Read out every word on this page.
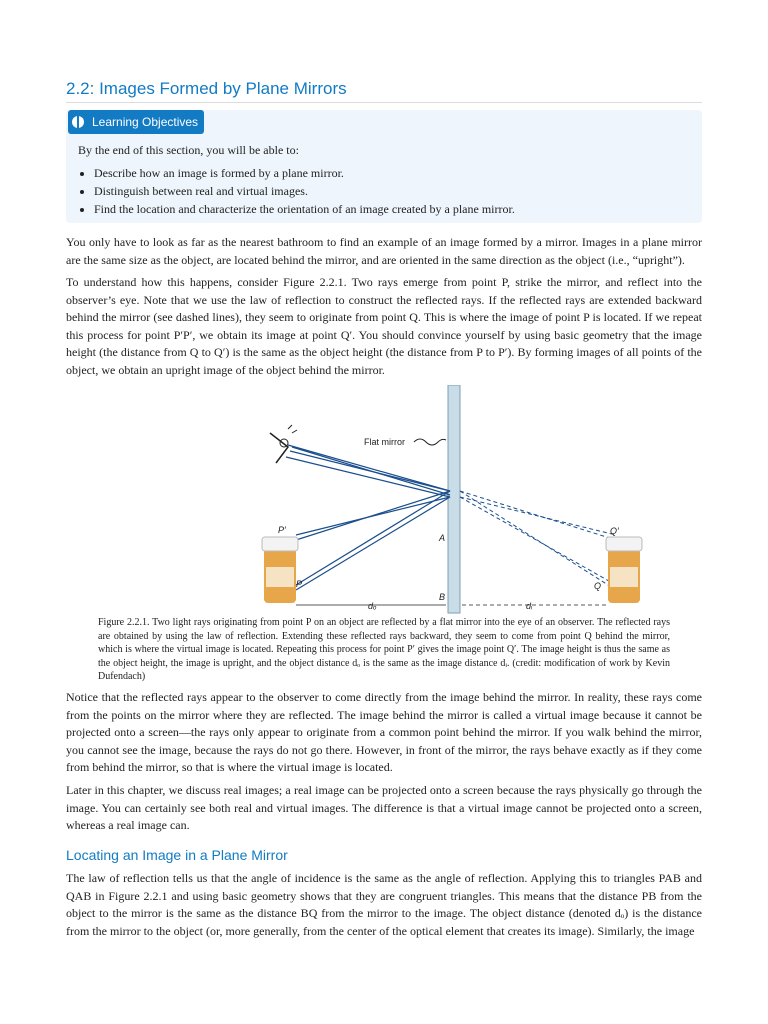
2.2: Images Formed by Plane Mirrors
Learning Objectives
By the end of this section, you will be able to:
• Describe how an image is formed by a plane mirror.
• Distinguish between real and virtual images.
• Find the location and characterize the orientation of an image created by a plane mirror.

You only have to look as far as the nearest bathroom to find an example of an image formed by a mirror. Images in a plane mirror are the same size as the object, are located behind the mirror, and are oriented in the same direction as the object (i.e., “upright”).

To understand how this happens, consider Figure 2.2.1. Two rays emerge from point P, strike the mirror, and reflect into the observer’s eye. Note that we use the law of reflection to construct the reflected rays. If the reflected rays are extended backward behind the mirror (see dashed lines), they seem to originate from point Q. This is where the image of point P is located. If we repeat this process for point P′P′, we obtain its image at point Q′. You should convince yourself by using basic geometry that the image height (the distance from Q to Q′) is the same as the object height (the distance from P to P′). By forming images of all points of the object, we obtain an upright image of the object behind the mirror.

Flat mirror
P′
P
A
B
Q′
Q
dₒ	dᵢ

Figure 2.2.1. Two light rays originating from point P on an object are reflected by a flat mirror into the eye of an observer. The reflected rays are obtained by using the law of reflection. Extending these reflected rays backward, they seem to come from point Q behind the mirror, which is where the virtual image is located. Repeating this process for point P′ gives the image point Q′. The image height is thus the same as the object height, the image is upright, and the object distance dₒ is the same as the image distance dᵢ. (credit: modification of work by Kevin Dufendach)

Notice that the reflected rays appear to the observer to come directly from the image behind the mirror. In reality, these rays come from the points on the mirror where they are reflected. The image behind the mirror is called a virtual image because it cannot be projected onto a screen—the rays only appear to originate from a common point behind the mirror. If you walk behind the mirror, you cannot see the image, because the rays do not go there. However, in front of the mirror, the rays behave exactly as if they come from behind the mirror, so that is where the virtual image is located.

Later in this chapter, we discuss real images; a real image can be projected onto a screen because the rays physically go through the image. You can certainly see both real and virtual images. The difference is that a virtual image cannot be projected onto a screen, whereas a real image can.

Locating an Image in a Plane Mirror

The law of reflection tells us that the angle of incidence is the same as the angle of reflection. Applying this to triangles PAB and QAB in Figure 2.2.1 and using basic geometry shows that they are congruent triangles. This means that the distance PB from the object to the mirror is the same as the distance BQ from the mirror to the image. The object distance (denoted dₒ) is the distance from the mirror to the object (or, more generally, from the center of the optical element that creates its image). Similarly, the image
